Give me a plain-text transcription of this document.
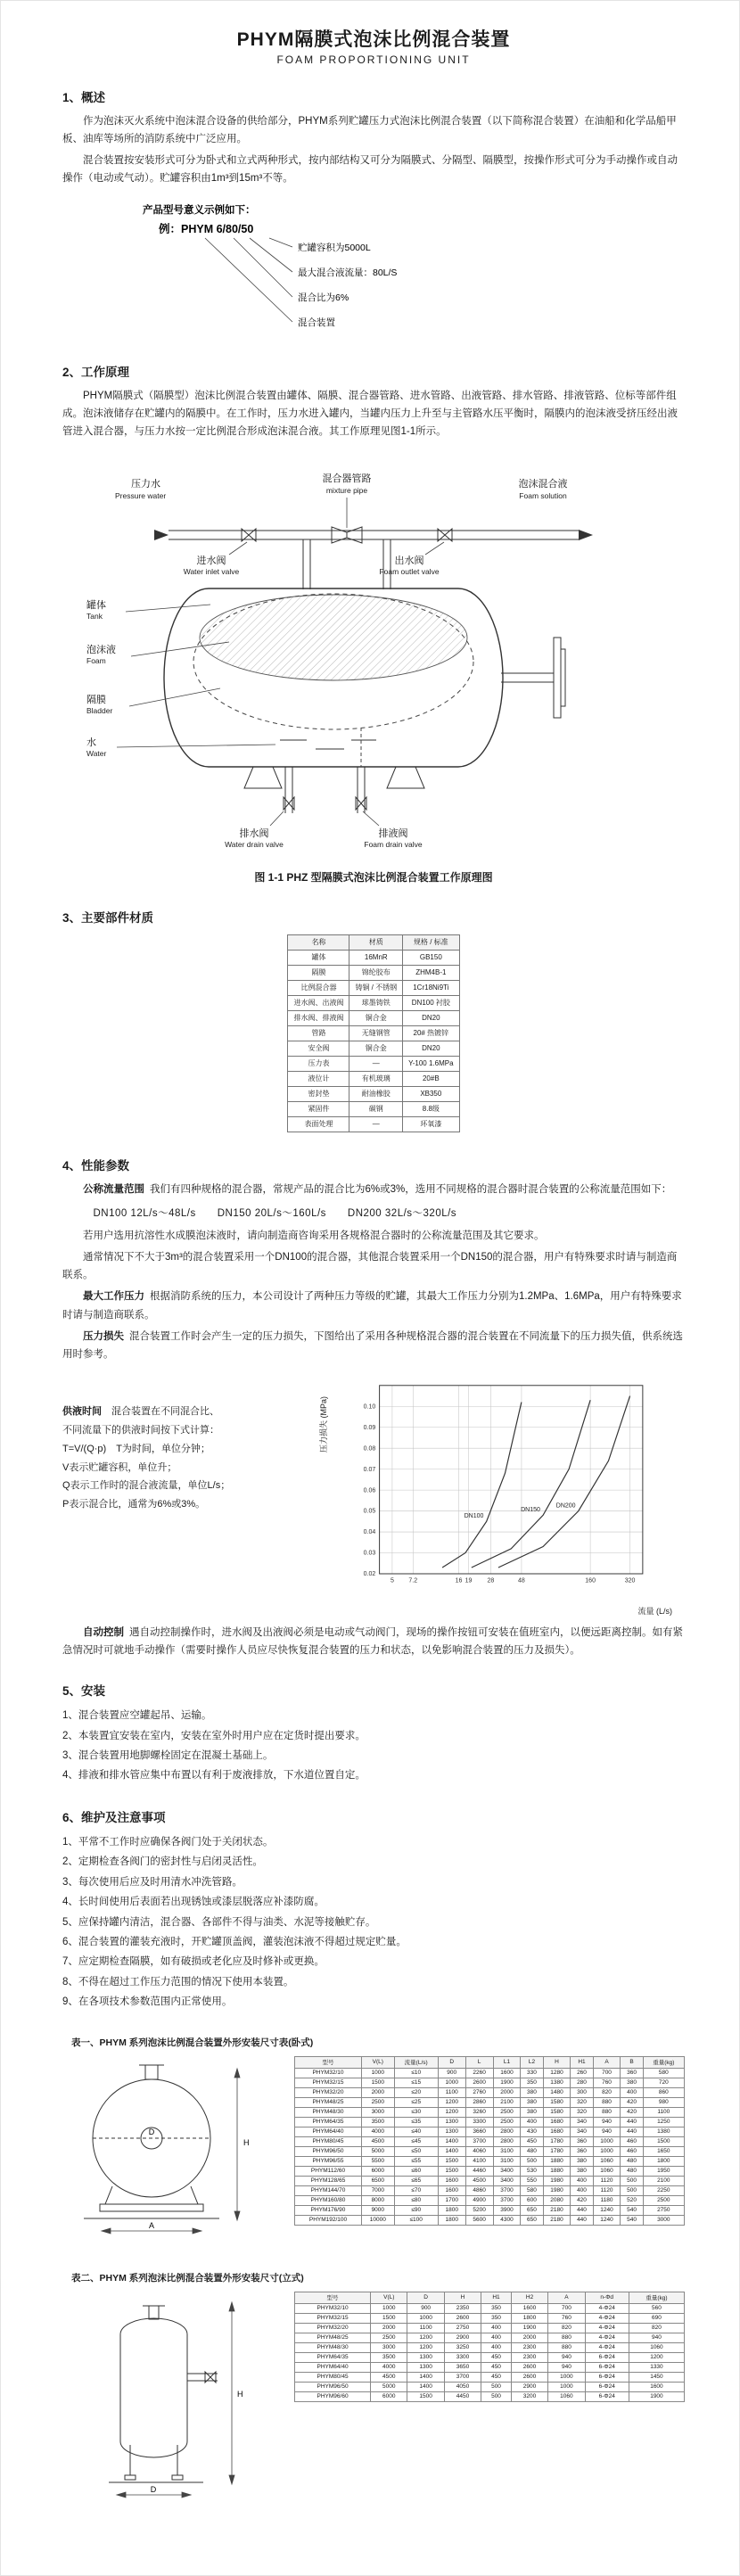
PHYM隔膜式泡沫比例混合装置
FOAM PROPORTIONING UNIT
1、概述

作为泡沫灭火系统中泡沫混合设备的供给部分，PHYM系列贮罐压力式泡沫比例混合装置（以下简称混合装置）在油船和化学品船甲板、油库等场所的消防系统中广泛应用。

混合装置按安装形式可分为卧式和立式两种形式，按内部结构又可分为隔膜式、分隔型、隔膜型，按操作形式可分为手动操作或自动操作（电动或气动）。贮罐容积由1m³到15m³不等。

产品型号意义示例如下：
例：PHYM 6/80/50
贮罐容积为5000L
最大混合液流量：80L/S
混合比为6%
混合装置
2、工作原理

PHYM隔膜式（隔膜型）泡沫比例混合装置由罐体、隔膜、混合器管路、进水管路、出液管路、排水管路、排液管路、位标等部件组成。泡沫液储存在贮罐内的隔膜中。在工作时，压力水进入罐内，当罐内压力上升至与主管路水压平衡时，隔膜内的泡沫液受挤压经出液管进入混合器，与压力水按一定比例混合形成泡沫混合液。其工作原理见图1-1所示。

压力水
Pressure water
混合器管路
mixture pipe
泡沫混合液
Foam solution
进水阀
Water inlet valve
出水阀
Foam outlet valve
罐体
Tank
泡沫液
Foam
隔膜
Bladder
水
Water
排水阀
Water drain valve
排液阀
Foam drain valve
图 1-1 PHZ 型隔膜式泡沫比例混合装置工作原理图
3、主要部件材质
名称	材质	规格 / 标准
罐体	16MnR	GB150
隔膜	锦纶胶布	ZHM4B-1
比例混合器	铸铜 / 不锈钢	1Cr18Ni9Ti
进水阀、出液阀	球墨铸铁	DN100 衬胶
排水阀、排液阀	铜合金	DN20
管路	无缝钢管	20# 热镀锌
安全阀	铜合金	DN20
压力表	—	Y-100 1.6MPa
液位计	有机玻璃	20#B
密封垫	耐油橡胶	XB350
紧固件	碳钢	8.8级
表面处理	—	环氧漆
4、性能参数

公称流量范围 我们有四种规格的混合器，常规产品的混合比为6%或3%，选用不同规格的混合器时混合装置的公称流量范围如下：

DN100 12L/s～48L/s　　DN150 20L/s～160L/s　　DN200 32L/s～320L/s

若用户选用抗溶性水成膜泡沫液时，请向制造商咨询采用各规格混合器时的公称流量范围及其它要求。

通常情况下不大于3m³的混合装置采用一个DN100的混合器，其他混合装置采用一个DN150的混合器，用户有特殊要求时请与制造商联系。

最大工作压力 根据消防系统的压力，本公司设计了两种压力等级的贮罐，其最大工作压力分别为1.2MPa、1.6MPa，用户有特殊要求时请与制造商联系。

压力损失 混合装置工作时会产生一定的压力损失，下图给出了采用各种规格混合器的混合装置在不同流量下的压力损失值，供系统选用时参考。

供液时间　 混合装置在不同混合比、

不同流量下的供液时间按下式计算：

T=V/(Q·p)　T为时间，单位分钟；

V表示贮罐容积，单位升；

Q表示工作时的混合液流量，单位L/s；

P表示混合比，通常为6%或3%。

压力损失 (MPa)
0.02
0.03
0.04
0.05
0.06
0.07
0.08
0.09
0.10
5	7.2	16 19	28	48	160	320
DN100
DN150
DN200
流量 (L/s)

自动控制 遇自动控制操作时，进水阀及出液阀必须是电动或气动阀门，现场的操作按钮可安装在值班室内，以便远距离控制。如有紧急情况时可就地手动操作（需要时操作人员应尽快恢复混合装置的压力和状态，以免影响混合装置的压力及损失）。

5、安装

1、混合装置应空罐起吊、运输。

2、本装置宜安装在室内，安装在室外时用户应在定货时提出要求。

3、混合装置用地脚螺栓固定在混凝土基础上。

4、排液和排水管应集中布置以有利于废液排放，下水道位置自定。

6、维护及注意事项

1、平常不工作时应确保各阀门处于关闭状态。

2、定期检查各阀门的密封性与启闭灵活性。

3、每次使用后应及时用清水冲洗管路。

4、长时间使用后表面若出现锈蚀或漆层脱落应补漆防腐。

5、应保持罐内清洁，混合器、各部件不得与油类、水泥等接触贮存。

6、混合装置的灌装充液时，开贮罐顶盖阀，灌装泡沫液不得超过规定贮量。

7、应定期检查隔膜，如有破损或老化应及时修补或更换。

8、不得在超过工作压力范围的情况下使用本装置。

9、在各项技术参数范围内正常使用。

表一、PHYM 系列泡沫比例混合装置外形安装尺寸表(卧式)
H
A
D
型号	V(L)	流量(L/s)	D	L	L1	L2	H	H1	A	B	重量(kg)
PHYM32/10	1000	≤10	900	2260	1600	330	1280	260	700	360	580
PHYM32/15	1500	≤15	1000	2600	1900	350	1380	280	760	380	720
PHYM32/20	2000	≤20	1100	2760	2000	380	1480	300	820	400	860
PHYM48/25	2500	≤25	1200	2860	2100	380	1580	320	880	420	980
PHYM48/30	3000	≤30	1200	3260	2500	380	1580	320	880	420	1100
PHYM64/35	3500	≤35	1300	3300	2500	400	1680	340	940	440	1250
PHYM64/40	4000	≤40	1300	3660	2800	430	1680	340	940	440	1380
PHYM80/45	4500	≤45	1400	3700	2800	450	1780	360	1000	460	1500
PHYM96/50	5000	≤50	1400	4060	3100	480	1780	360	1000	460	1650
PHYM96/55	5500	≤55	1500	4100	3100	500	1880	380	1060	480	1800
PHYM112/60	6000	≤60	1500	4460	3400	530	1880	380	1060	480	1950
PHYM128/65	6500	≤65	1600	4500	3400	550	1980	400	1120	500	2100
PHYM144/70	7000	≤70	1600	4860	3700	580	1980	400	1120	500	2250
PHYM160/80	8000	≤80	1700	4900	3700	600	2080	420	1180	520	2500
PHYM176/90	9000	≤90	1800	5200	3900	650	2180	440	1240	540	2750
PHYM192/100	10000	≤100	1800	5600	4300	650	2180	440	1240	540	3000
表二、PHYM 系列泡沫比例混合装置外形安装尺寸(立式)
H
D
型号	V(L)	D	H	H1	H2	A	n-Φd	重量(kg)
PHYM32/10	1000	900	2350	350	1600	700	4-Φ24	560
PHYM32/15	1500	1000	2600	350	1800	760	4-Φ24	690
PHYM32/20	2000	1100	2750	400	1900	820	4-Φ24	820
PHYM48/25	2500	1200	2900	400	2000	880	4-Φ24	940
PHYM48/30	3000	1200	3250	400	2300	880	4-Φ24	1060
PHYM64/35	3500	1300	3300	450	2300	940	6-Φ24	1200
PHYM64/40	4000	1300	3650	450	2600	940	6-Φ24	1330
PHYM80/45	4500	1400	3700	450	2600	1000	6-Φ24	1450
PHYM96/50	5000	1400	4050	500	2900	1000	6-Φ24	1600
PHYM96/60	6000	1500	4450	500	3200	1060	6-Φ24	1900
